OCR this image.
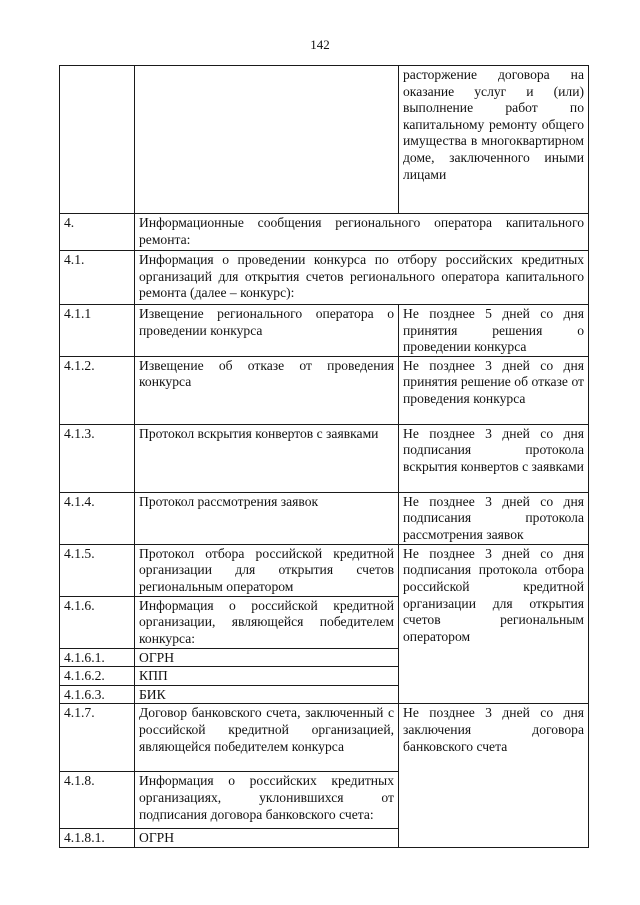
142
		расторжение договора на оказание услуг и (или) выполнение работ по капитальному ремонту общего имущества в многоквартирном доме, заключенного иными лицами
4.	Информационные сообщения регионального оператора капитального ремонта:	
4.1.	Информация о проведении конкурса по отбору российских кредитных организаций для открытия счетов регионального оператора капитального ремонта (далее – конкурс):	
4.1.1	Извещение регионального оператора о проведении конкурса	Не позднее 5 дней со дня принятия решения о проведении конкурса
4.1.2.	Извещение об отказе от проведения конкурса	Не позднее 3 дней со дня принятия решение об отказе от проведения конкурса
4.1.3.	Протокол вскрытия конвертов с заявками	Не позднее 3 дней со дня подписания протокола вскрытия конвертов с заявками
4.1.4.	Протокол рассмотрения заявок	Не позднее 3 дней со дня подписания протокола рассмотрения заявок
4.1.5.	Протокол отбора российской кредитной организации для открытия счетов региональным оператором	Не позднее 3 дней со дня подписания протокола отбора российской кредитной организации для открытия счетов региональным оператором
4.1.6.	Информация о российской кредитной организации, являющейся победителем конкурса:	
4.1.6.1.	ОГРН	
4.1.6.2.	КПП	
4.1.6.3.	БИК	
4.1.7.	Договор банковского счета, заключенный с российской кредитной организацией, являющейся победителем конкурса	Не позднее 3 дней со дня заключения договора банковского счета
4.1.8.	Информация о российских кредитных организациях, уклонившихся от подписания договора банковского счета:	
4.1.8.1.	ОГРН	
